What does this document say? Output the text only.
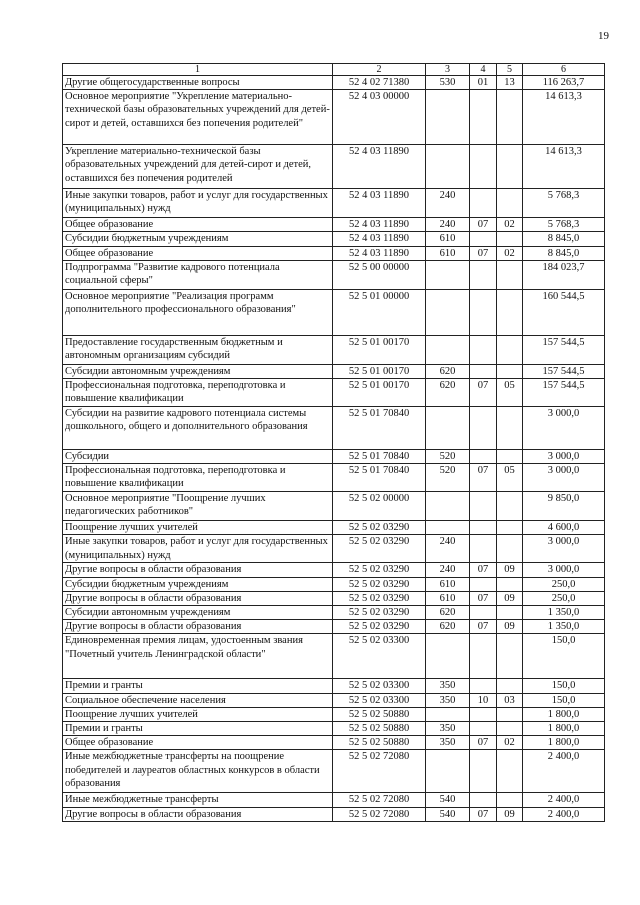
19
1	2	3	4	5	6
Другие общегосударственные вопросы	52 4 02 71380	530	01	13	116 263,7
Основное мероприятие "Укрепление материально-технической базы образовательных учреждений для детей-сирот и детей, оставшихся без попечения родителей"	52 4 03 00000				14 613,3
Укрепление материально-технической базы образовательных учреждений для детей-сирот и детей, оставшихся без попечения родителей	52 4 03 11890				14 613,3
Иные закупки товаров, работ и услуг для государственных (муниципальных) нужд	52 4 03 11890	240			5 768,3
Общее образование	52 4 03 11890	240	07	02	5 768,3
Субсидии бюджетным учреждениям	52 4 03 11890	610			8 845,0
Общее образование	52 4 03 11890	610	07	02	8 845,0
Подпрограмма "Развитие кадрового потенциала социальной сферы"	52 5 00 00000				184 023,7
Основное мероприятие "Реализация программ дополнительного профессионального образования"	52 5 01 00000				160 544,5
Предоставление государственным бюджетным и автономным организациям субсидий	52 5 01 00170				157 544,5
Субсидии автономным учреждениям	52 5 01 00170	620			157 544,5
Профессиональная подготовка, переподготовка и повышение квалификации	52 5 01 00170	620	07	05	157 544,5
Субсидии на развитие кадрового потенциала системы дошкольного, общего и дополнительного образования	52 5 01 70840				3 000,0
Субсидии	52 5 01 70840	520			3 000,0
Профессиональная подготовка, переподготовка и повышение квалификации	52 5 01 70840	520	07	05	3 000,0
Основное мероприятие "Поощрение лучших педагогических работников"	52 5 02 00000				9 850,0
Поощрение лучших учителей	52 5 02 03290				4 600,0
Иные закупки товаров, работ и услуг для государственных (муниципальных) нужд	52 5 02 03290	240			3 000,0
Другие вопросы в области образования	52 5 02 03290	240	07	09	3 000,0
Субсидии бюджетным учреждениям	52 5 02 03290	610			250,0
Другие вопросы в области образования	52 5 02 03290	610	07	09	250,0
Субсидии автономным учреждениям	52 5 02 03290	620			1 350,0
Другие вопросы в области образования	52 5 02 03290	620	07	09	1 350,0
Единовременная премия лицам, удостоенным звания "Почетный учитель Ленинградской области"	52 5 02 03300				150,0
Премии и гранты	52 5 02 03300	350			150,0
Социальное обеспечение населения	52 5 02 03300	350	10	03	150,0
Поощрение лучших учителей	52 5 02 50880				1 800,0
Премии и гранты	52 5 02 50880	350			1 800,0
Общее образование	52 5 02 50880	350	07	02	1 800,0
Иные межбюджетные трансферты на поощрение победителей и лауреатов областных конкурсов в области образования	52 5 02 72080				2 400,0
Иные межбюджетные трансферты	52 5 02 72080	540			2 400,0
Другие вопросы в области образования	52 5 02 72080	540	07	09	2 400,0
